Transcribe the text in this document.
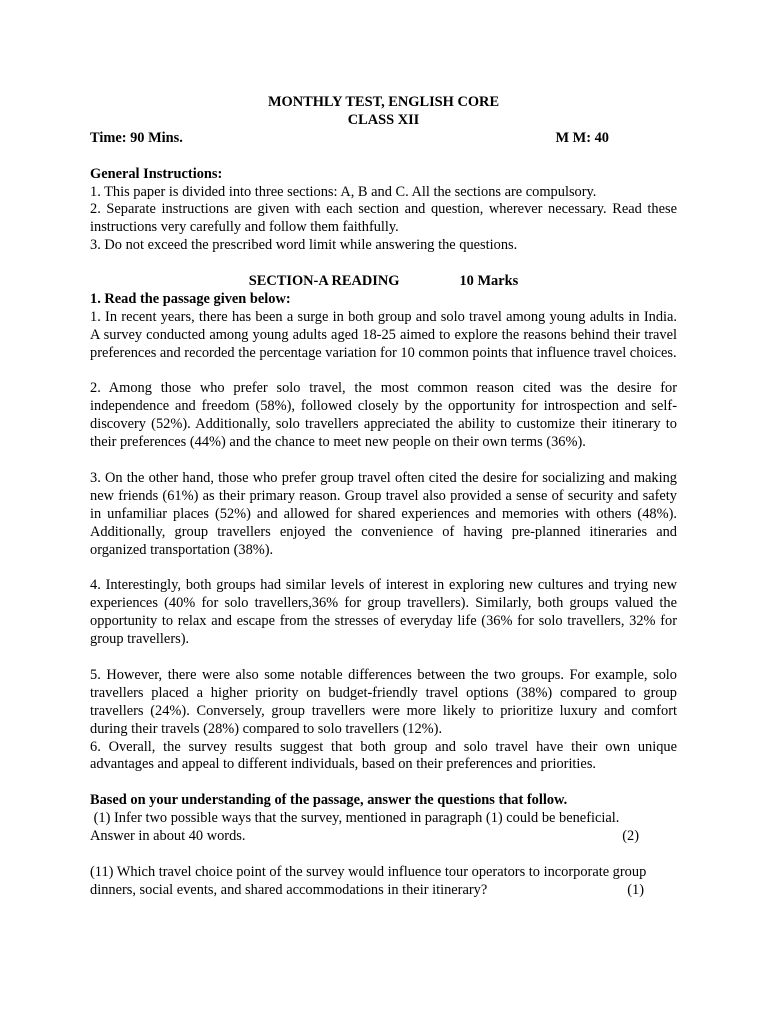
MONTHLY TEST, ENGLISH CORE
CLASS XII
Time: 90 Mins.	M M: 40
General Instructions:

1. This paper is divided into three sections: A, B and C. All the sections are compulsory.

2. Separate instructions are given with each section and question, wherever necessary. Read these instructions very carefully and follow them faithfully.

3. Do not exceed the prescribed word limit while answering the questions.

SECTION-A READING	10 Marks
1. Read the passage given below:

1. In recent years, there has been a surge in both group and solo travel among young adults in India. A survey conducted among young adults aged 18-25 aimed to explore the reasons behind their travel preferences and recorded the percentage variation for 10 common points that influence travel choices.

2. Among those who prefer solo travel, the most common reason cited was the desire for independence and freedom (58%), followed closely by the opportunity for introspection and self-discovery (52%). Additionally, solo travellers appreciated the ability to customize their itinerary to their preferences (44%) and the chance to meet new people on their own terms (36%).

3. On the other hand, those who prefer group travel often cited the desire for socializing and making new friends (61%) as their primary reason. Group travel also provided a sense of security and safety in unfamiliar places (52%) and allowed for shared experiences and memories with others (48%). Additionally, group travellers enjoyed the convenience of having pre-planned itineraries and organized transportation (38%).

4. Interestingly, both groups had similar levels of interest in exploring new cultures and trying new experiences (40% for solo travellers,36% for group travellers). Similarly, both groups valued the opportunity to relax and escape from the stresses of everyday life (36% for solo travellers, 32% for group travellers).

5. However, there were also some notable differences between the two groups. For example, solo travellers placed a higher priority on budget-friendly travel options (38%) compared to group travellers (24%). Conversely, group travellers were more likely to prioritize luxury and comfort during their travels (28%) compared to solo travellers (12%).

6. Overall, the survey results suggest that both group and solo travel have their own unique advantages and appeal to different individuals, based on their preferences and priorities.

Based on your understanding of the passage, answer the questions that follow.
(1) Infer two possible ways that the survey, mentioned in paragraph (1) could be beneficial.
Answer in about 40 words.	(2)
(11) Which travel choice point of the survey would influence tour operators to incorporate group
dinners, social events, and shared accommodations in their itinerary?	(1)
